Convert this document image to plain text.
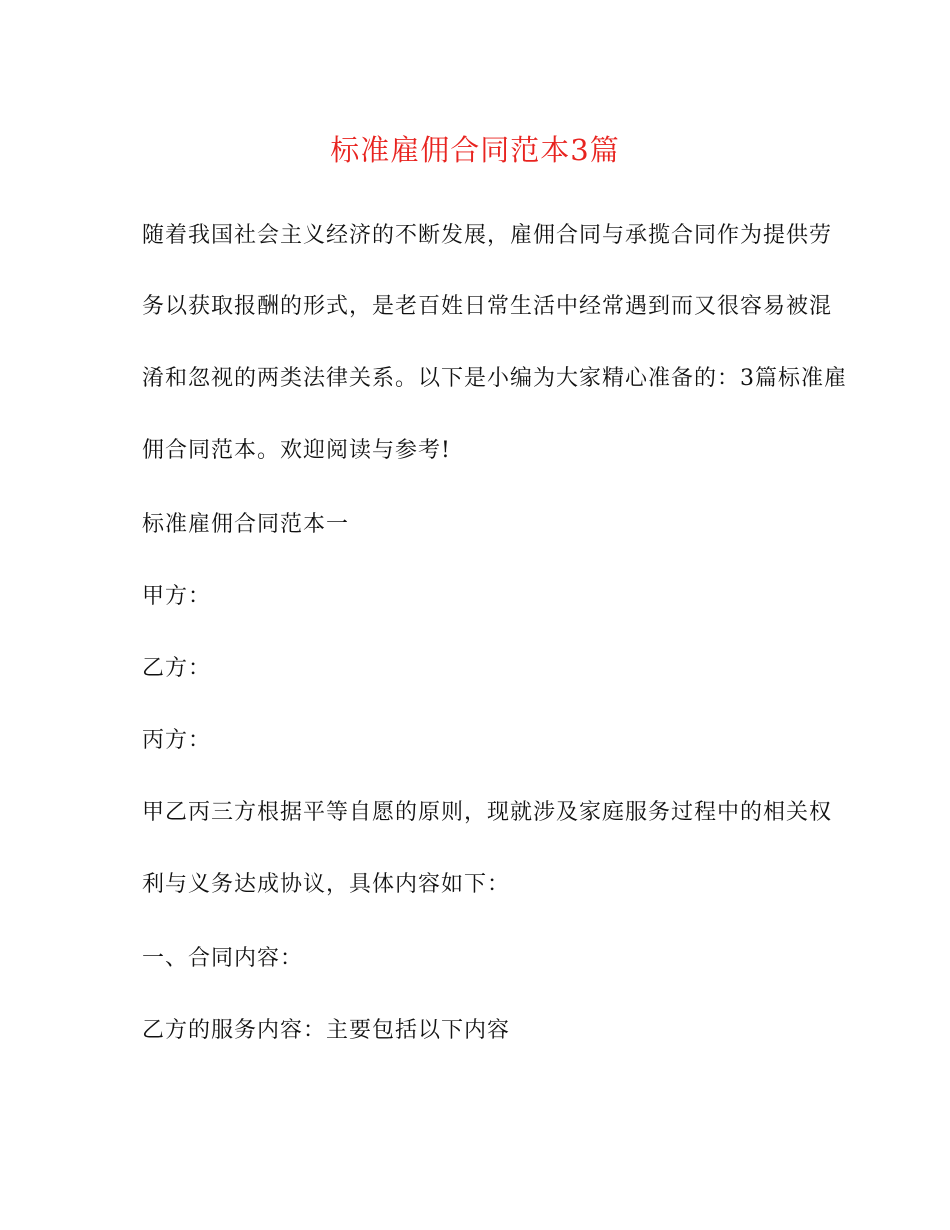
标准雇佣合同范本3篇
随着我国社会主义经济的不断发展，雇佣合同与承揽合同作为提供劳
务以获取报酬的形式，是老百姓日常生活中经常遇到而又很容易被混
淆和忽视的两类法律关系。以下是小编为大家精心准备的：3篇标准雇
佣合同范本。欢迎阅读与参考!
标准雇佣合同范本一
甲方：
乙方：
丙方：
甲乙丙三方根据平等自愿的原则，现就涉及家庭服务过程中的相关权
利与义务达成协议，具体内容如下：
一、合同内容：
乙方的服务内容：主要包括以下内容
